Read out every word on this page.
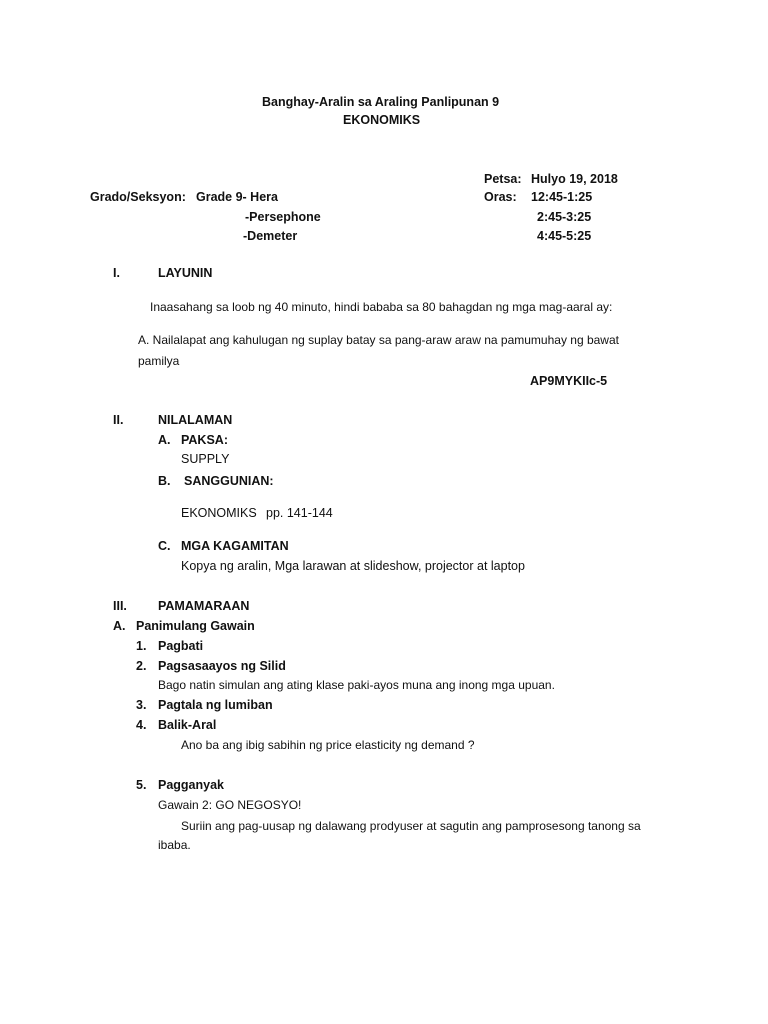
Banghay-Aralin sa Araling Panlipunan 9
EKONOMIKS
Petsa: Hulyo 19, 2018
Grado/Seksyon: Grade 9- Hera	Oras: 12:45-1:25
-Persephone	2:45-3:25
-Demeter	4:45-5:25
I.	LAYUNIN
Inaasahang sa loob ng 40 minuto, hindi bababa sa 80 bahagdan ng mga mag-aaral ay:
A. Nailalapat ang kahulugan ng suplay batay sa pang-araw araw na pamumuhay ng bawat
pamilya
AP9MYKIIc-5
II.	NILALAMAN
A. PAKSA:
SUPPLY
B. SANGGUNIAN:
EKONOMIKS pp. 141-144
C. MGA KAGAMITAN
Kopya ng aralin, Mga larawan at slideshow, projector at laptop
III. PAMAMARAAN
A. Panimulang Gawain
1. Pagbati
2. Pagsasaayos ng Silid
Bago natin simulan ang ating klase paki-ayos muna ang inong mga upuan.
3. Pagtala ng lumiban
4. Balik-Aral
Ano ba ang ibig sabihin ng price elasticity ng demand ?
5. Pagganyak
Gawain 2: GO NEGOSYO!
Suriin ang pag-uusap ng dalawang prodyuser at sagutin ang pamprosesong tanong sa
ibaba.
